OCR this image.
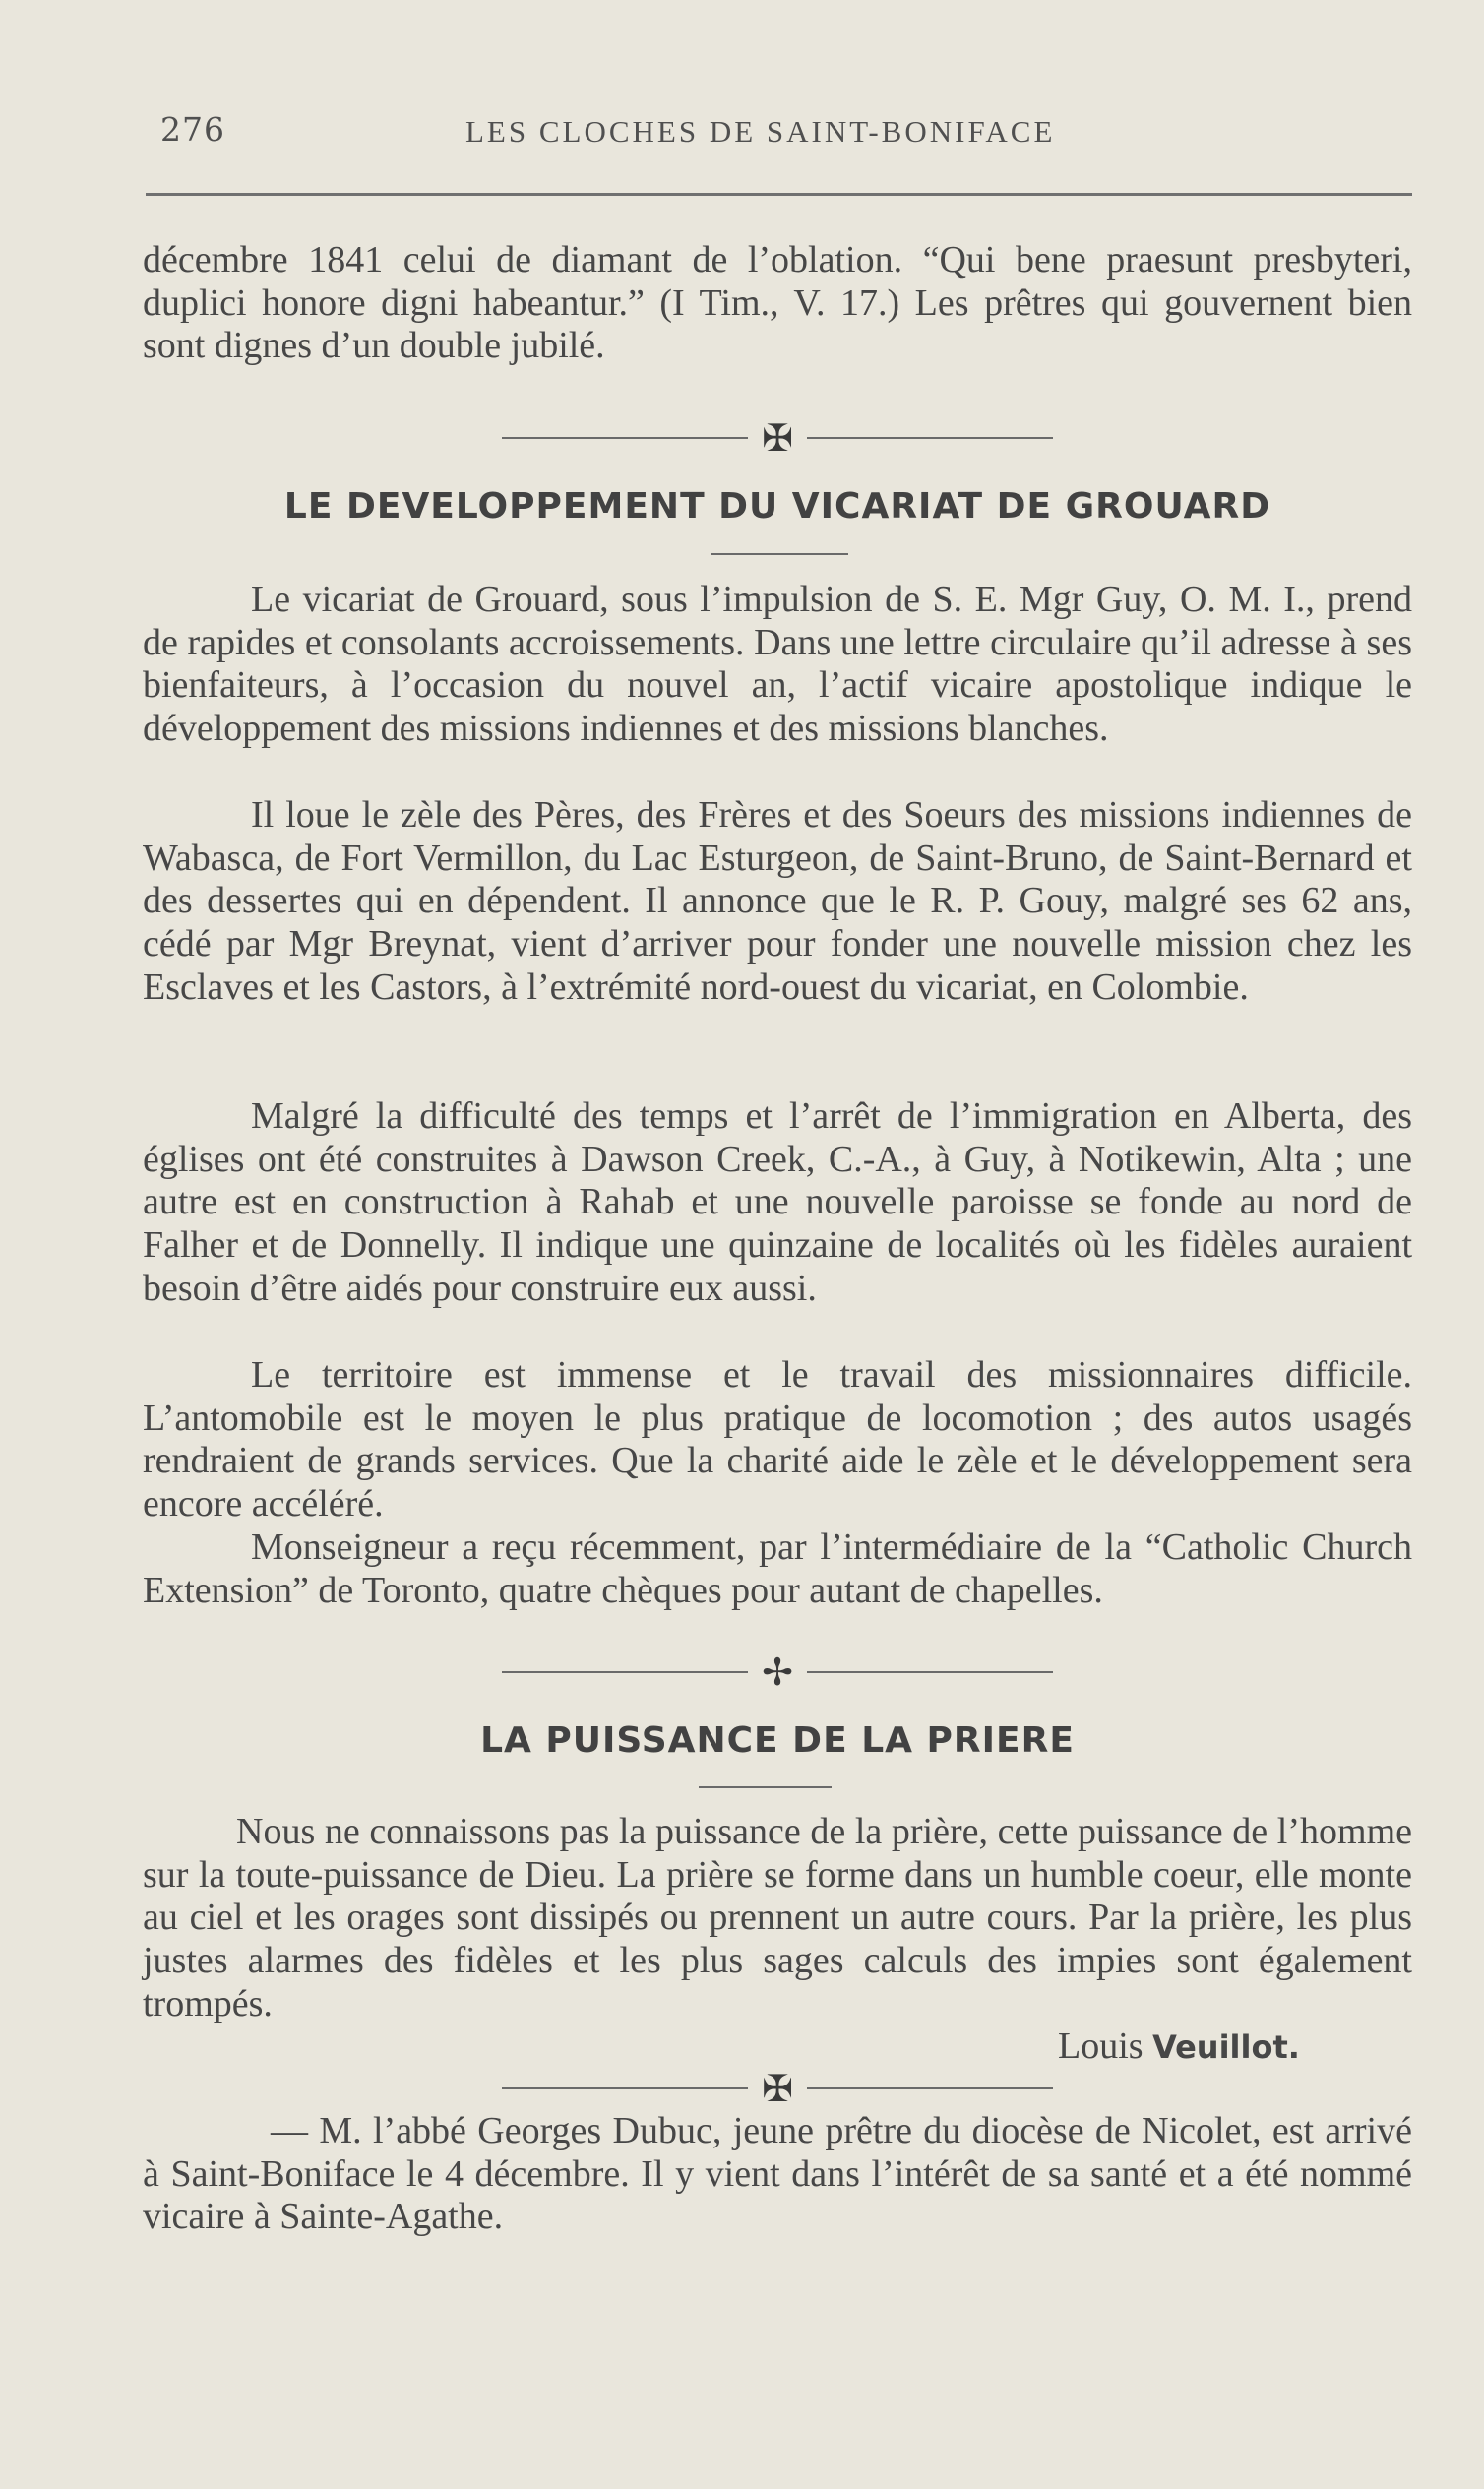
276	LES CLOCHES DE SAINT-BONIFACE

décembre 1841 celui de diamant de l’oblation. “Qui bene praesunt presbyteri, duplici honore digni habeantur.” (I Tim., V. 17.) Les prêtres qui gouvernent bien sont dignes d’un double jubilé.

✠
LE DEVELOPPEMENT DU VICARIAT DE GROUARD

Le vicariat de Grouard, sous l’impulsion de S. E. Mgr Guy, O. M. I., prend de rapides et consolants accroissements. Dans une lettre circulaire qu’il adresse à ses bienfaiteurs, à l’occasion du nouvel an, l’actif vicaire apostolique indique le développement des missions indiennes et des missions blanches.

Il loue le zèle des Pères, des Frères et des Soeurs des missions indiennes de Wabasca, de Fort Vermillon, du Lac Esturgeon, de Saint-Bruno, de Saint-Bernard et des dessertes qui en dépendent. Il annonce que le R. P. Gouy, malgré ses 62 ans, cédé par Mgr Breynat, vient d’arriver pour fonder une nouvelle mission chez les Esclaves et les Castors, à l’extrémité nord-ouest du vicariat, en Colombie.

Malgré la difficulté des temps et l’arrêt de l’immigration en Alberta, des églises ont été construites à Dawson Creek, C.-A., à Guy, à Notikewin, Alta ; une autre est en construction à Rahab et une nouvelle paroisse se fonde au nord de Falher et de Donnelly. Il indique une quinzaine de localités où les fidèles auraient besoin d’être aidés pour construire eux aussi.

Le territoire est immense et le travail des missionnaires difficile. L’antomobile est le moyen le plus pratique de locomotion ; des autos usagés rendraient de grands services. Que la charité aide le zèle et le développement sera encore accéléré.

Monseigneur a reçu récemment, par l’intermédiaire de la “Catholic Church Extension” de Toronto, quatre chèques pour autant de chapelles.

✢
LA PUISSANCE DE LA PRIERE

Nous ne connaissons pas la puissance de la prière, cette puissance de l’homme sur la toute-puissance de Dieu. La prière se forme dans un humble coeur, elle monte au ciel et les orages sont dissipés ou prennent un autre cours. Par la prière, les plus justes alarmes des fidèles et les plus sages calculs des impies sont également trompés.

Louis Veuillot.
✠

— M. l’abbé Georges Dubuc, jeune prêtre du diocèse de Nicolet, est arrivé à Saint-Boniface le 4 décembre. Il y vient dans l’intérêt de sa santé et a été nommé vicaire à Sainte-Agathe.
